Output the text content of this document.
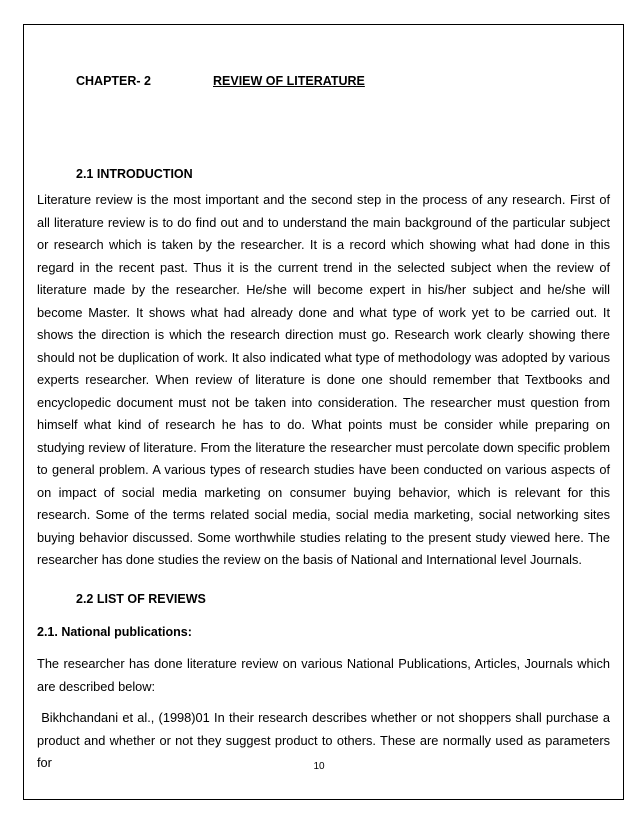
CHAPTER- 2	REVIEW OF LITERATURE
2.1 INTRODUCTION

Literature review is the most important and the second step in the process of any research. First of all literature review is to do find out and to understand the main background of the particular subject or research which is taken by the researcher. It is a record which showing what had done in this regard in the recent past. Thus it is the current trend in the selected subject when the review of literature made by the researcher. He/she will become expert in his/her subject and he/she will become Master. It shows what had already done and what type of work yet to be carried out. It shows the direction is which the research direction must go. Research work clearly showing there should not be duplication of work. It also indicated what type of methodology was adopted by various experts researcher. When review of literature is done one should remember that Textbooks and encyclopedic document must not be taken into consideration. The researcher must question from himself what kind of research he has to do. What points must be consider while preparing on studying review of literature. From the literature the researcher must percolate down specific problem to general problem. A various types of research studies have been conducted on various aspects of on impact of social media marketing on consumer buying behavior, which is relevant for this research. Some of the terms related social media, social media marketing, social networking sites buying behavior discussed. Some worthwhile studies relating to the present study viewed here. The researcher has done studies the review on the basis of National and International level Journals.

2.2 LIST OF REVIEWS
2.1. National publications:

The researcher has done literature review on various National Publications, Articles, Journals which are described below:

Bikhchandani et al., (1998)01 In their research describes whether or not shoppers shall purchase a product and whether or not they suggest product to others. These are normally used as parameters for	10
